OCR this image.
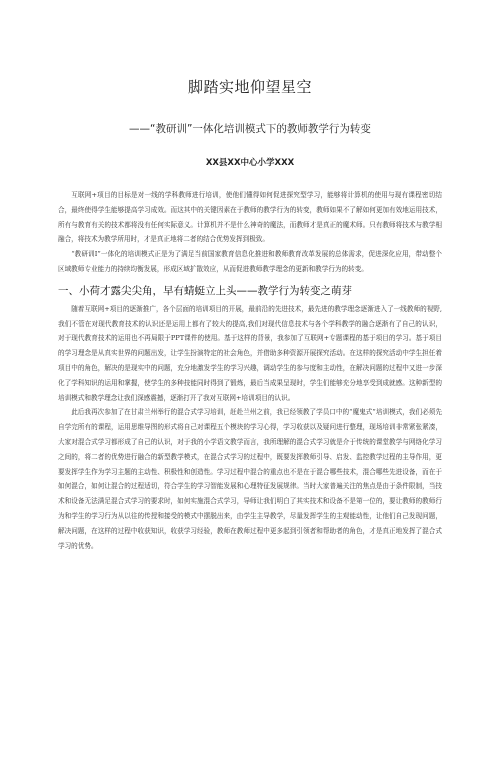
脚踏实地仰望星空
——“教研训”一体化培训模式下的教师教学行为转变
XX县XX中心小学XXX

互联网+项目的目标是对一线的学科教师进行培训，使他们懂得如何促进探究型学习，能够将计算机的使用与现有课程密切结合，最终使得学生能够提高学习成效。而这其中的关键因素在于教师的教学行为的转变，教师如果不了解如何更加有效地运用技术，所有与教育有关的技术都将没有任何实际意义。计算机并不是什么神奇的魔法，而教师才是真正的魔术师。只有教师将技术与教学相融合，将技术为教学所用时，才是真正地将二者的结合优势发挥到极致。

“教研训Ⅰ”一体化的培训模式正是为了满足当前国家教育信息化推进和教师教育改革发展的总体需求，促进深化应用，带动整个区域教师专业能力的持续均衡发展，形成区域扩散效应，从而促进教师教学理念的更新和教学行为的转变。

一、小荷才露尖尖角，早有蜻蜓立上头——教学行为转变之萌芽

随着互联网+项目的逐渐推广，各个层面的培训项目的开展，最前沿的先进技术，最先进的教学理念逐渐进入了一线教师的视野,我们不管在对现代教育技术的认识还是运用上都有了较大的提高,我们对现代信息技术与各个学科教学的融合逐渐有了自己的认识，对于现代教育技术的运用也不再局限于PPT课件的使用。基于这样的背景，我参加了互联网+专题课程的基于项目的学习。基于项目的学习理念是从真实世界的问题出发，让学生扮演特定的社会角色，并借助多种资源开展探究活动。在这样的探究活动中学生担任着项目中的角色，解决的是现实中的问题，充分地激发学生的学习兴趣，调动学生的参与度和主动性，在解决问题的过程中又进一步深化了学科知识的运用和掌握，使学生的多种技能同时得到了锻炼，最后当成果呈现时，学生们能够充分地享受到成就感。这种新型的培训模式和教学理念让我们深感震撼，逐渐打开了我对互联网+培训项目的认识。

此后我再次参加了在甘肃兰州举行的混合式学习培训，赶赴兰州之前，我已经领教了学员口中的“魔鬼式”培训模式，我们必须先自学完所有的课程，运用思维导图的形式将自己对课程五个模块的学习心得，学习收获以及疑问进行整理，现场培训非常紧张紧凑，大家对混合式学习都形成了自己的认识，对于我的小学语文教学而言，我所理解的混合式学习就是介于传统的课堂教学与网络化学习之间的，将二者的优势进行融合的新型教学模式，在混合式学习的过程中，既要发挥教师引导、启发、监控教学过程的主导作用，更要发挥学生作为学习主题的主动性、积极性和创造性。学习过程中混合的重点也不是在于混合哪些技术，混合哪些先进设备，而在于如何混合，如何让混合的过程适切，符合学生的学习智能发展和心理特征发展规律。当时大家普遍关注的焦点是由于条件限制，当技术和设备无法满足混合式学习的要求时，如何实施混合式学习，导师让我们明白了其实技术和设备不是第一位的，要让教师的教师行为和学生的学习行为从以往的传授和接受的模式中摆脱出来，由学生主导教学，尽量发挥学生的主观能动性，让他们自己发现问题，解决问题，在这样的过程中收获知识，收获学习经验，教师在教师过程中更多起到引领者和帮助者的角色，才是真正地发挥了混合式学习的优势。
